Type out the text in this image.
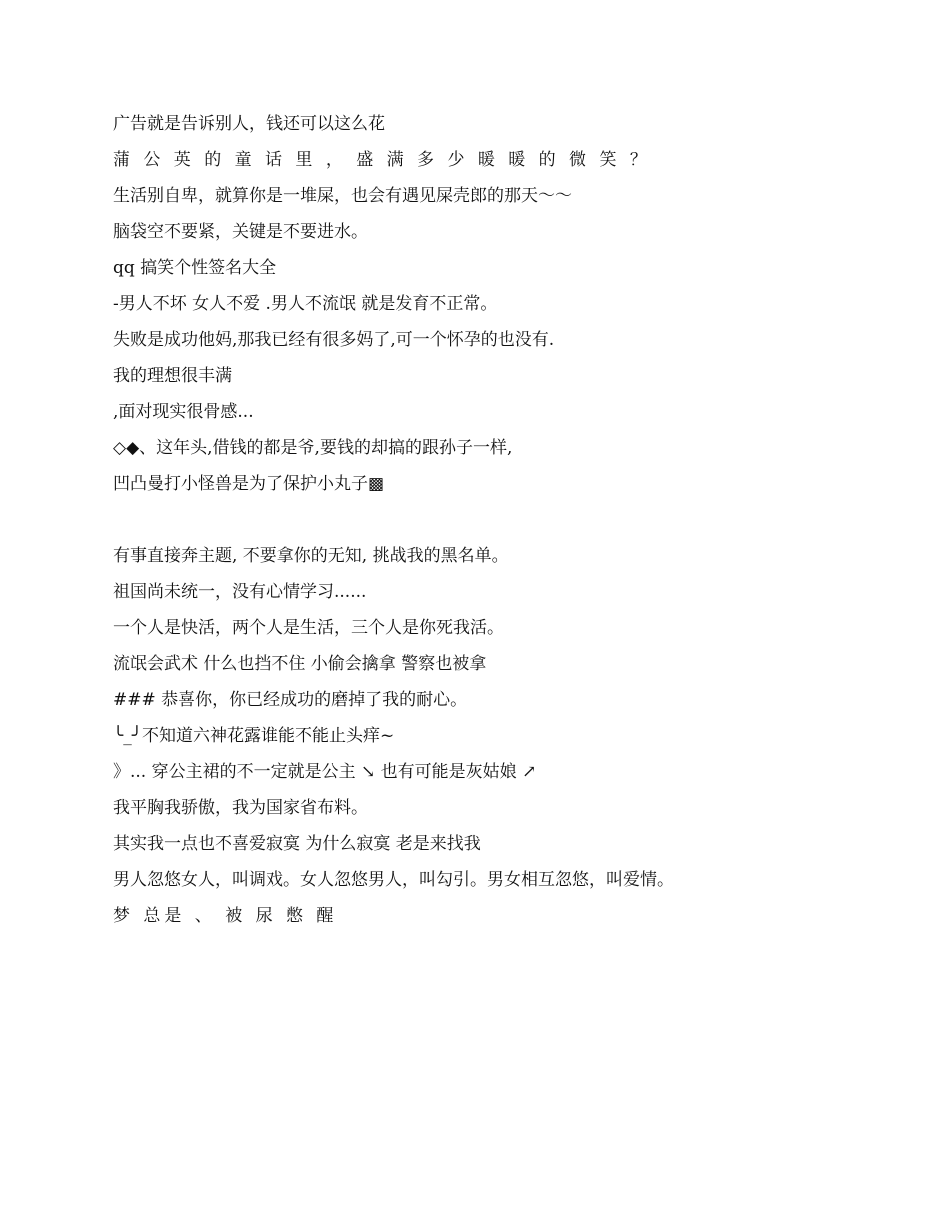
广告就是告诉别人，钱还可以这么花
蒲 公 英 的 童 话 里 ， 盛 满 多 少 暖 暖 的 微 笑 ？
生活别自卑，就算你是一堆屎，也会有遇见屎壳郎的那天～～
脑袋空不要紧，关键是不要进水。
qq 搞笑个性签名大全
-男人不坏 女人不爱 .男人不流氓 就是发育不正常。
失败是成功他妈,那我已经有很多妈了,可一个怀孕的也没有.
我的理想很丰满
,面对现实很骨感...
◇◆、这年头,借钱的都是爷,要钱的却搞的跟孙子一样,
凹凸曼打小怪兽是为了保护小丸子▩
有事直接奔主题, 不要拿你的无知, 挑战我的黑名单。
祖国尚未统一，没有心情学习......
一个人是快活，两个人是生活，三个人是你死我活。
流氓会武术 什么也挡不住 小偷会擒拿 警察也被拿
### 恭喜你，你已经成功的磨掉了我的耐心。
╰_╯不知道六神花露谁能不能止头痒~
》... 穿公主裙的不一定就是公主 ↘ 也有可能是灰姑娘 ↗
我平胸我骄傲，我为国家省布料。
其实我一点也不喜爱寂寞 为什么寂寞 老是来找我
男人忽悠女人，叫调戏。女人忽悠男人，叫勾引。男女相互忽悠，叫爱情。
梦 总是 、 被 尿 憋 醒
